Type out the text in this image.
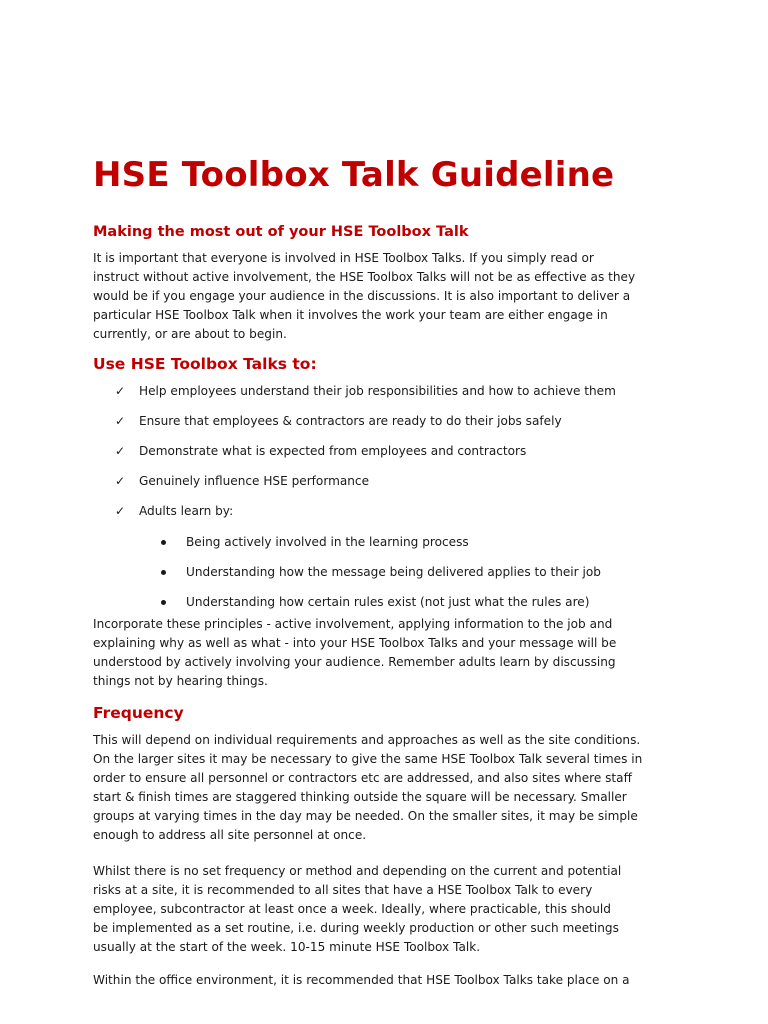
HSE Toolbox Talk Guideline
Making the most out of your HSE Toolbox Talk

It is important that everyone is involved in HSE Toolbox Talks. If you simply read or
instruct without active involvement, the HSE Toolbox Talks will not be as effective as they
would be if you engage your audience in the discussions. It is also important to deliver a
particular HSE Toolbox Talk when it involves the work your team are either engage in
currently, or are about to begin.

Use HSE Toolbox Talks to:
✓ Help employees understand their job responsibilities and how to achieve them
✓ Ensure that employees & contractors are ready to do their jobs safely
✓ Demonstrate what is expected from employees and contractors
✓ Genuinely influence HSE performance
✓ Adults learn by:
Being actively involved in the learning process
Understanding how the message being delivered applies to their job
Understanding how certain rules exist (not just what the rules are)

Incorporate these principles - active involvement, applying information to the job and
explaining why as well as what - into your HSE Toolbox Talks and your message will be
understood by actively involving your audience. Remember adults learn by discussing
things not by hearing things.

Frequency

This will depend on individual requirements and approaches as well as the site conditions.
On the larger sites it may be necessary to give the same HSE Toolbox Talk several times in
order to ensure all personnel or contractors etc are addressed, and also sites where staff
start & finish times are staggered thinking outside the square will be necessary. Smaller
groups at varying times in the day may be needed. On the smaller sites, it may be simple
enough to address all site personnel at once.

Whilst there is no set frequency or method and depending on the current and potential
risks at a site, it is recommended to all sites that have a HSE Toolbox Talk to every
employee, subcontractor at least once a week. Ideally, where practicable, this should
be implemented as a set routine, i.e. during weekly production or other such meetings
usually at the start of the week. 10-15 minute HSE Toolbox Talk.

Within the office environment, it is recommended that HSE Toolbox Talks take place on a
